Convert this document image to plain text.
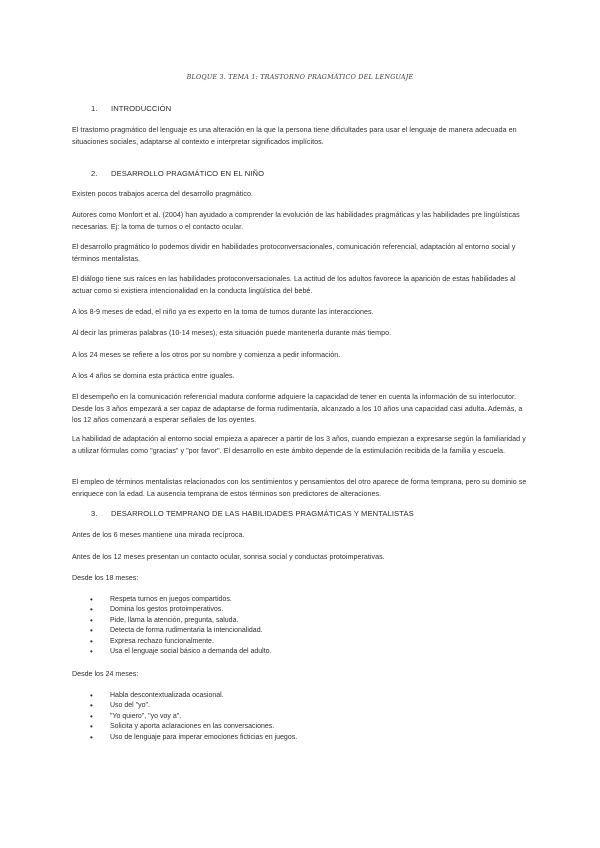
BLOQUE 3. TEMA 1: TRASTORNO PRAGMÁTICO DEL LENGUAJE
1. INTRODUCCIÓN
El trastorno pragmático del lenguaje es una alteración en la que la persona tiene dificultades para usar el lenguaje de manera adecuada en situaciones sociales, adaptarse al contexto e interpretar significados implícitos.
2. DESARROLLO PRAGMÁTICO EN EL NIÑO
Existen pocos trabajos acerca del desarrollo pragmático.
Autores como Monfort et al. (2004) han ayudado a comprender la evolución de las habilidades pragmáticas y las habilidades pre lingüísticas necesarias. Ej: la toma de turnos o el contacto ocular.
El desarrollo pragmático lo podemos dividir en habilidades protoconversacionales, comunicación referencial, adaptación al entorno social y términos mentalistas.
El diálogo tiene sus raíces en las habilidades protoconversacionales. La actitud de los adultos favorece la aparición de estas habilidades al actuar como si existiera intencionalidad en la conducta lingüística del bebé.
A los 8-9 meses de edad, el niño ya es experto en la toma de turnos durante las interacciones.
Al decir las primeras palabras (10-14 meses), esta situación puede mantenerla durante más tiempo.
A los 24 meses se refiere a los otros por su nombre y comienza a pedir información.
A los 4 años se domina esta práctica entre iguales.
El desempeño en la comunicación referencial madura conforme adquiere la capacidad de tener en cuenta la información de su interlocutor. Desde los 3 años empezará a ser capaz de adaptarse de forma rudimentaria, alcanzado a los 10 años una capacidad casi adulta. Además, a los 12 años comenzará a esperar señales de los oyentes.
La habilidad de adaptación al entorno social empieza a aparecer a partir de los 3 años, cuando empiezan a expresarse según la familiaridad y a utilizar fórmulas como "gracias" y "por favor". El desarrollo en este ámbito depende de la estimulación recibida de la familia y escuela.
El empleo de términos mentalistas relacionados con los sentimientos y pensamientos del otro aparece de forma temprana, pero su dominio se enriquece con la edad. La ausencia temprana de estos términos son predictores de alteraciones.
3. DESARROLLO TEMPRANO DE LAS HABILIDADES PRAGMÁTICAS Y MENTALISTAS
Antes de los 6 meses mantiene una mirada recíproca.
Antes de los 12 meses presentan un contacto ocular, sonrisa social y conductas protoimperativas.
Desde los 18 meses:
• Respeta turnos en juegos compartidos.
• Domina los gestos protoimperativos.
• Pide, llama la atención, pregunta, saluda.
• Detecta de forma rudimentaria la intencionalidad.
• Expresa rechazo funcionalmente.
• Usa el lenguaje social básico a demanda del adulto.
Desde los 24 meses:
• Habla descontextualizada ocasional.
• Uso del "yo".
• "Yo quiero", "yo voy a".
• Solicita y aporta aclaraciones en las conversaciones.
• Uso de lenguaje para imperar emociones ficticias en juegos.
